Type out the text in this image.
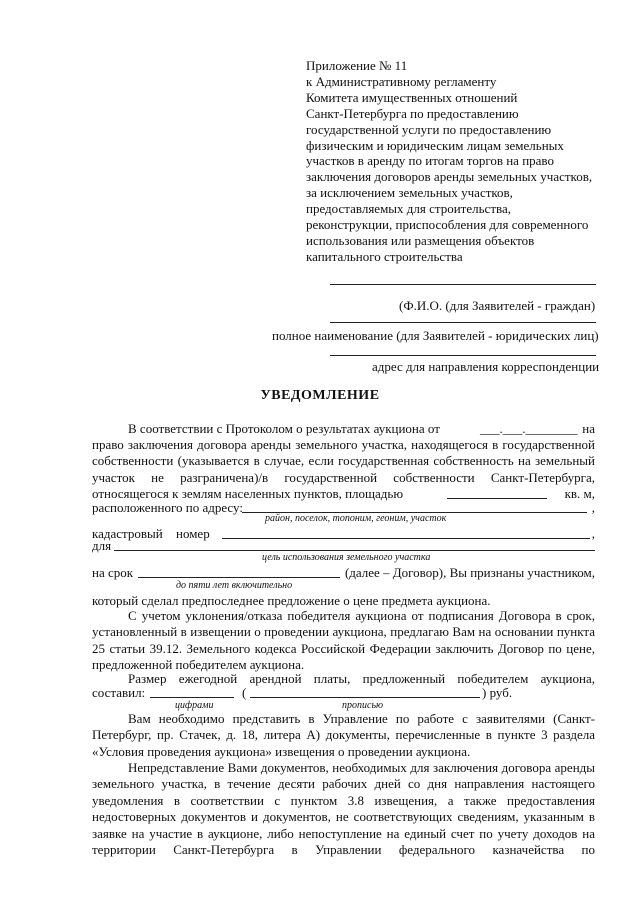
Приложение № 11
к Административному регламенту
Комитета имущественных отношений
Санкт-Петербурга по предоставлению
государственной услуги по предоставлению
физическим и юридическим лицам земельных
участков в аренду по итогам торгов на право
заключения договоров аренды земельных участков,
за исключением земельных участков,
предоставляемых для строительства,
реконструкции, приспособления для современного
использования или размещения объектов
капитального строительства
(Ф.И.О. (для Заявителей - граждан)
полное наименование (для Заявителей - юридических лиц)
адрес для направления корреспонденции
УВЕДОМЛЕНИЕ
В соответствии с Протоколом о результатах аукциона от	___.___.________ на
право заключения договора аренды земельного участка, находящегося в государственной
собственности (указывается в случае, если государственная собственность на земельный
участок не разграничена)/в государственной собственности Санкт-Петербурга,
относящегося к землям населенных пунктов, площадью	кв. м,
расположенного по адресу:	,
район, поселок, топоним, геоним, участок
кадастровый номер	,
для
цель использования земельного участка
на срок	(далее – Договор), Вы признаны участником,
до пяти лет включительно
который сделал предпоследнее предложение о цене предмета аукциона.
С учетом уклонения/отказа победителя аукциона от подписания Договора в срок, установленный в извещении о проведении аукциона, предлагаю Вам на основании пункта 25 статьи 39.12. Земельного кодекса Российской Федерации заключить Договор по цене, предложенной победителем аукциона.
Размер ежегодной арендной платы, предложенный победителем аукциона,
составил:	(	) руб.
цифрами	прописью
Вам необходимо представить в Управление по работе с заявителями (Санкт-Петербург, пр. Стачек, д. 18, литера А) документы, перечисленные в пункте 3 раздела «Условия проведения аукциона» извещения о проведении аукциона.
Непредставление Вами документов, необходимых для заключения договора аренды земельного участка, в течение десяти рабочих дней со дня направления настоящего уведомления в соответствии с пунктом 3.8 извещения, а также предоставления недостоверных документов и документов, не соответствующих сведениям, указанным в заявке на участие в аукционе, либо непоступление на единый счет по учету доходов на территории Санкт-Петербурга в Управлении федерального казначейства по
